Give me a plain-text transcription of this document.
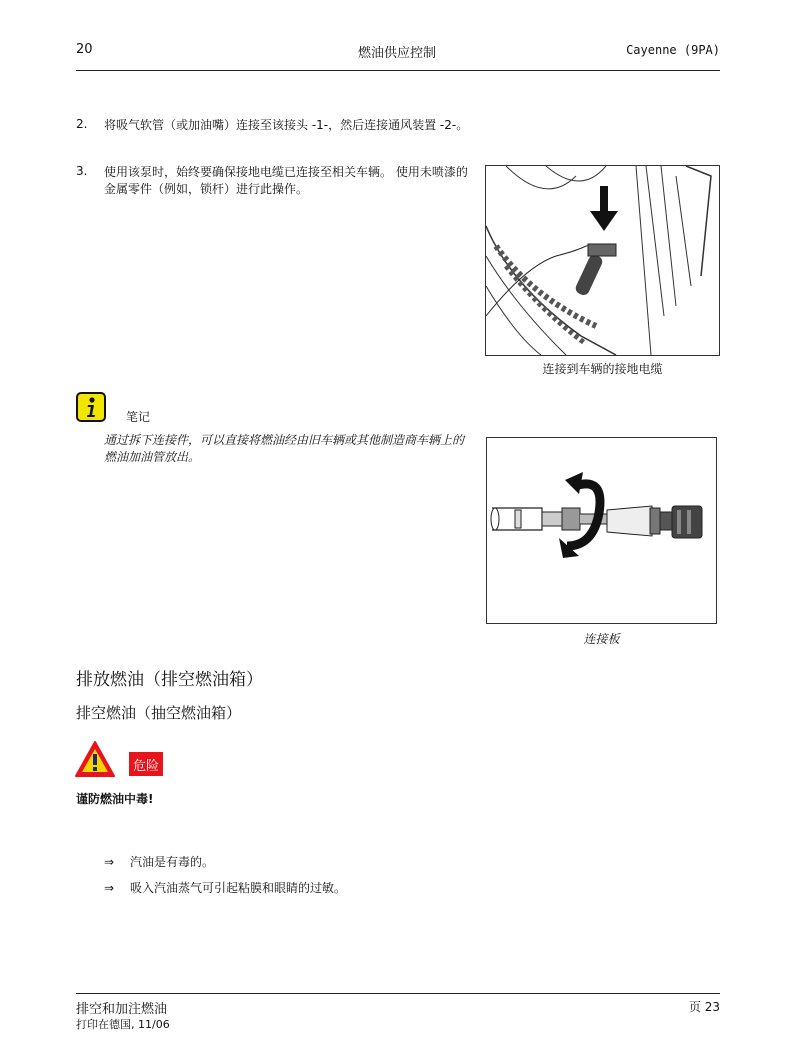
20	燃油供应控制	Cayenne (9PA)
2. 将吸气软管（或加油嘴）连接至该接头 -1-，然后连接通风装置 -2-。
3. 使用该泵时，始终要确保接地电缆已连接至相关车辆。 使用未喷漆的金属零件（例如，锁杆）进行此操作。
连接到车辆的接地电缆
笔记
通过拆下连接件，可以直接将燃油经由旧车辆或其他制造商车辆上的燃油加油管放出。
连接板
排放燃油（排空燃油箱）
排空燃油（抽空燃油箱）
危险
谨防燃油中毒!
⇒ 汽油是有毒的。
⇒ 吸入汽油蒸气可引起粘膜和眼睛的过敏。
排空和加注燃油
打印在德国, 11/06
页 23
